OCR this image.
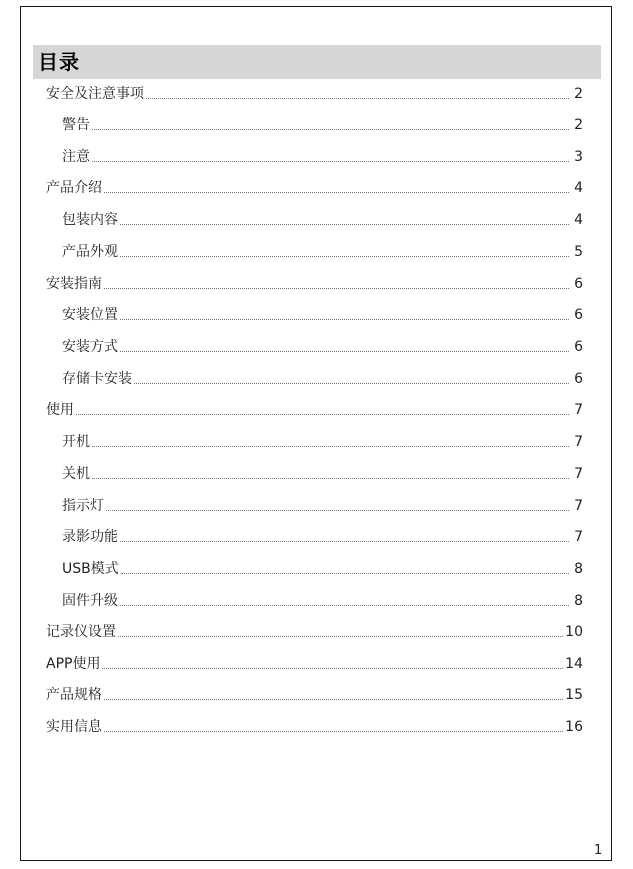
目录
安全及注意事项	2
警告	2
注意	3
产品介绍	4
包装内容	4
产品外观	5
安装指南	6
安装位置	6
安装方式	6
存储卡安装	6
使用	7
开机	7
关机	7
指示灯	7
录影功能	7
USB模式	8
固件升级	8
记录仪设置	10
APP使用	14
产品规格	15
实用信息	16
1
